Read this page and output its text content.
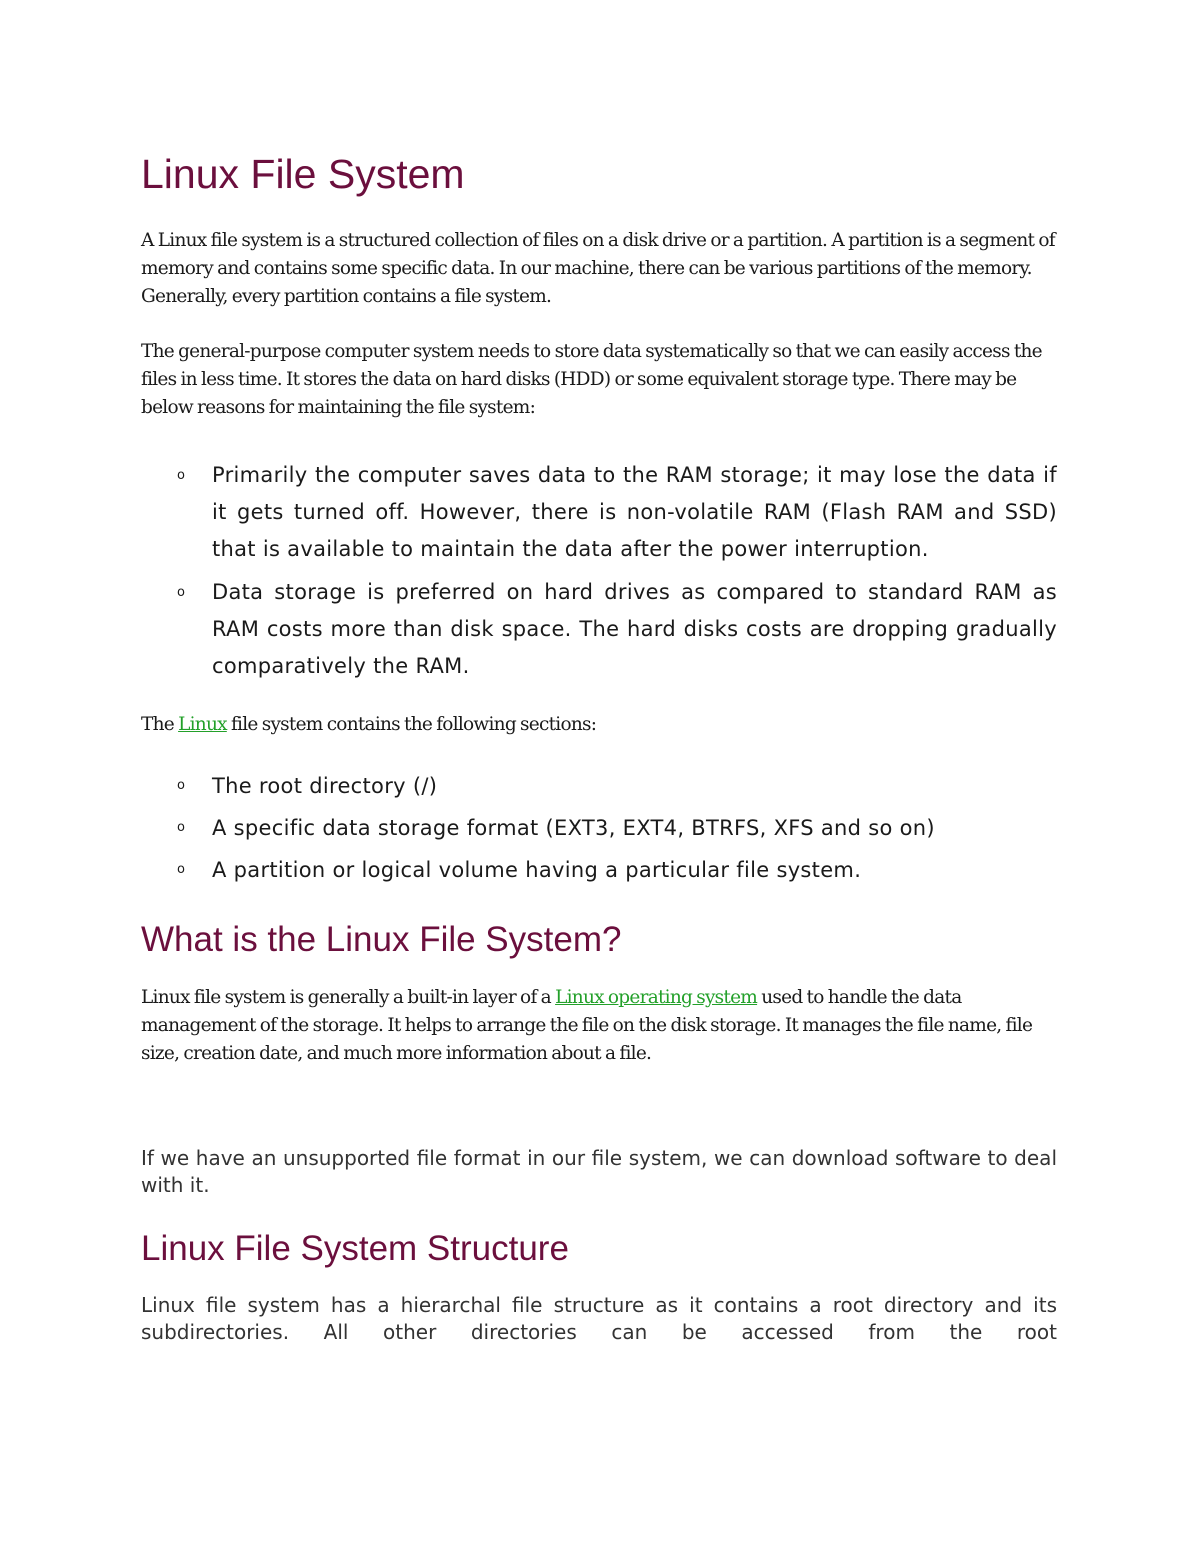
Linux File System

A Linux file system is a structured collection of files on a disk drive or a partition. A partition is a segment of memory and contains some specific data. In our machine, there can be various partitions of the memory. Generally, every partition contains a file system.

The general-purpose computer system needs to store data systematically so that we can easily access the files in less time. It stores the data on hard disks (HDD) or some equivalent storage type. There may be below reasons for maintaining the file system:

o Primarily the computer saves data to the RAM storage; it may lose the data if it gets turned off. However, there is non-volatile RAM (Flash RAM and SSD) that is available to maintain the data after the power interruption.
o Data storage is preferred on hard drives as compared to standard RAM as RAM costs more than disk space. The hard disks costs are dropping gradually comparatively the RAM.

The Linux file system contains the following sections:

o The root directory (/)
o A specific data storage format (EXT3, EXT4, BTRFS, XFS and so on)
o A partition or logical volume having a particular file system.
What is the Linux File System?

Linux file system is generally a built-in layer of a Linux operating system used to handle the data management of the storage. It helps to arrange the file on the disk storage. It manages the file name, file size, creation date, and much more information about a file.

If we have an unsupported file format in our file system, we can download software to deal with it.

Linux File System Structure

Linux file system has a hierarchal file structure as it contains a root directory and its subdirectories. All other directories can be accessed from the root
